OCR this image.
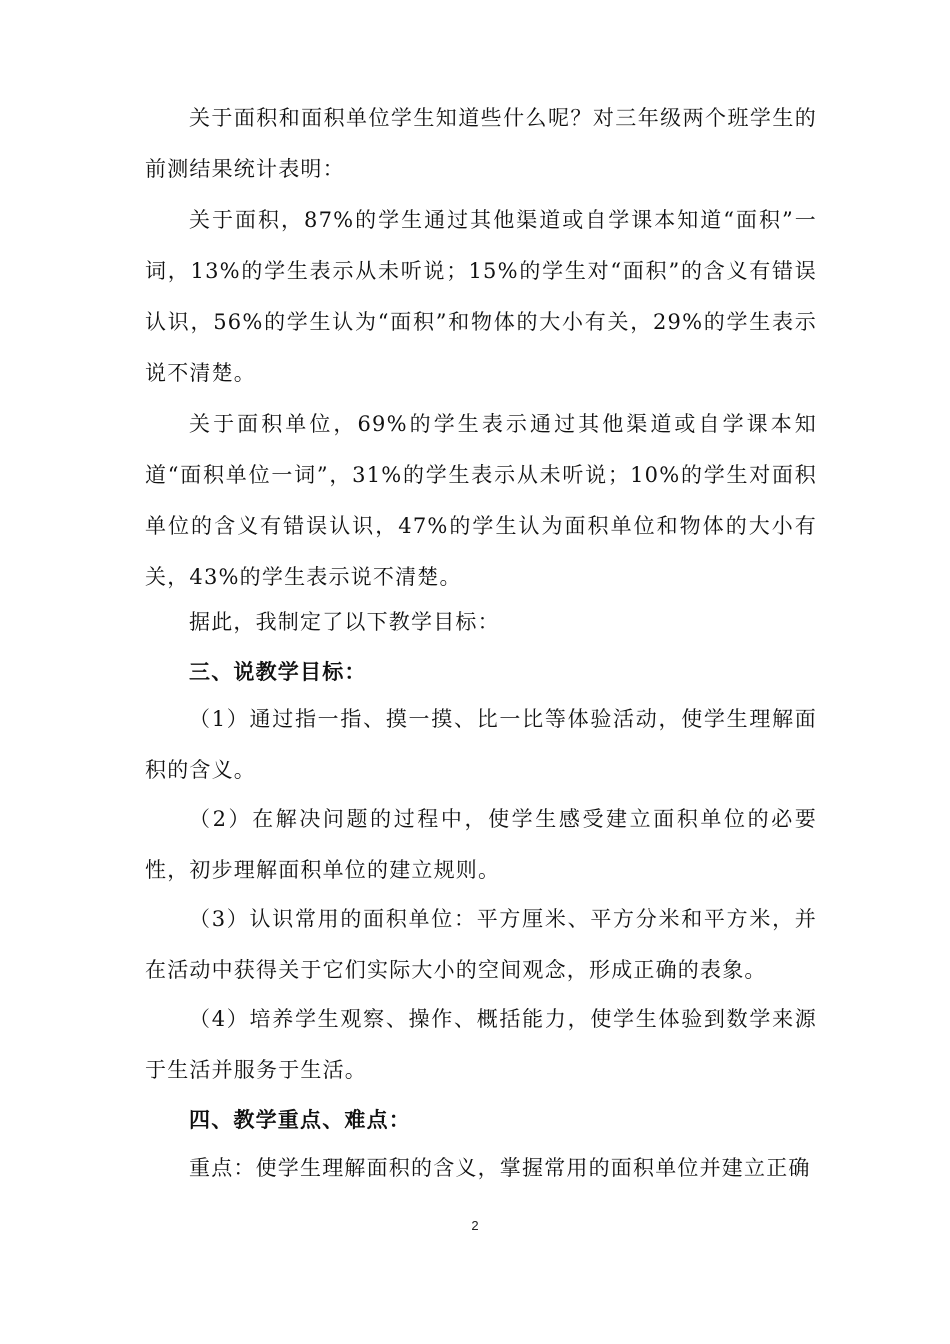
关于面积和面积单位学生知道些什么呢？对三年级两个班学生的前测结果统计表明：

关于面积，87%的学生通过其他渠道或自学课本知道“面积”一词，13%的学生表示从未听说；15%的学生对“面积”的含义有错误认识，56%的学生认为“面积”和物体的大小有关，29%的学生表示说不清楚。

关于面积单位，69%的学生表示通过其他渠道或自学课本知道“面积单位一词”，31%的学生表示从未听说；10%的学生对面积单位的含义有错误认识，47%的学生认为面积单位和物体的大小有关，43%的学生表示说不清楚。

据此，我制定了以下教学目标：

三、说教学目标：

（1）通过指一指、摸一摸、比一比等体验活动，使学生理解面积的含义。

（2）在解决问题的过程中，使学生感受建立面积单位的必要性，初步理解面积单位的建立规则。

（3）认识常用的面积单位：平方厘米、平方分米和平方米，并在活动中获得关于它们实际大小的空间观念，形成正确的表象。

（4）培养学生观察、操作、概括能力，使学生体验到数学来源于生活并服务于生活。

四、教学重点、难点：

重点：使学生理解面积的含义，掌握常用的面积单位并建立正确

2
